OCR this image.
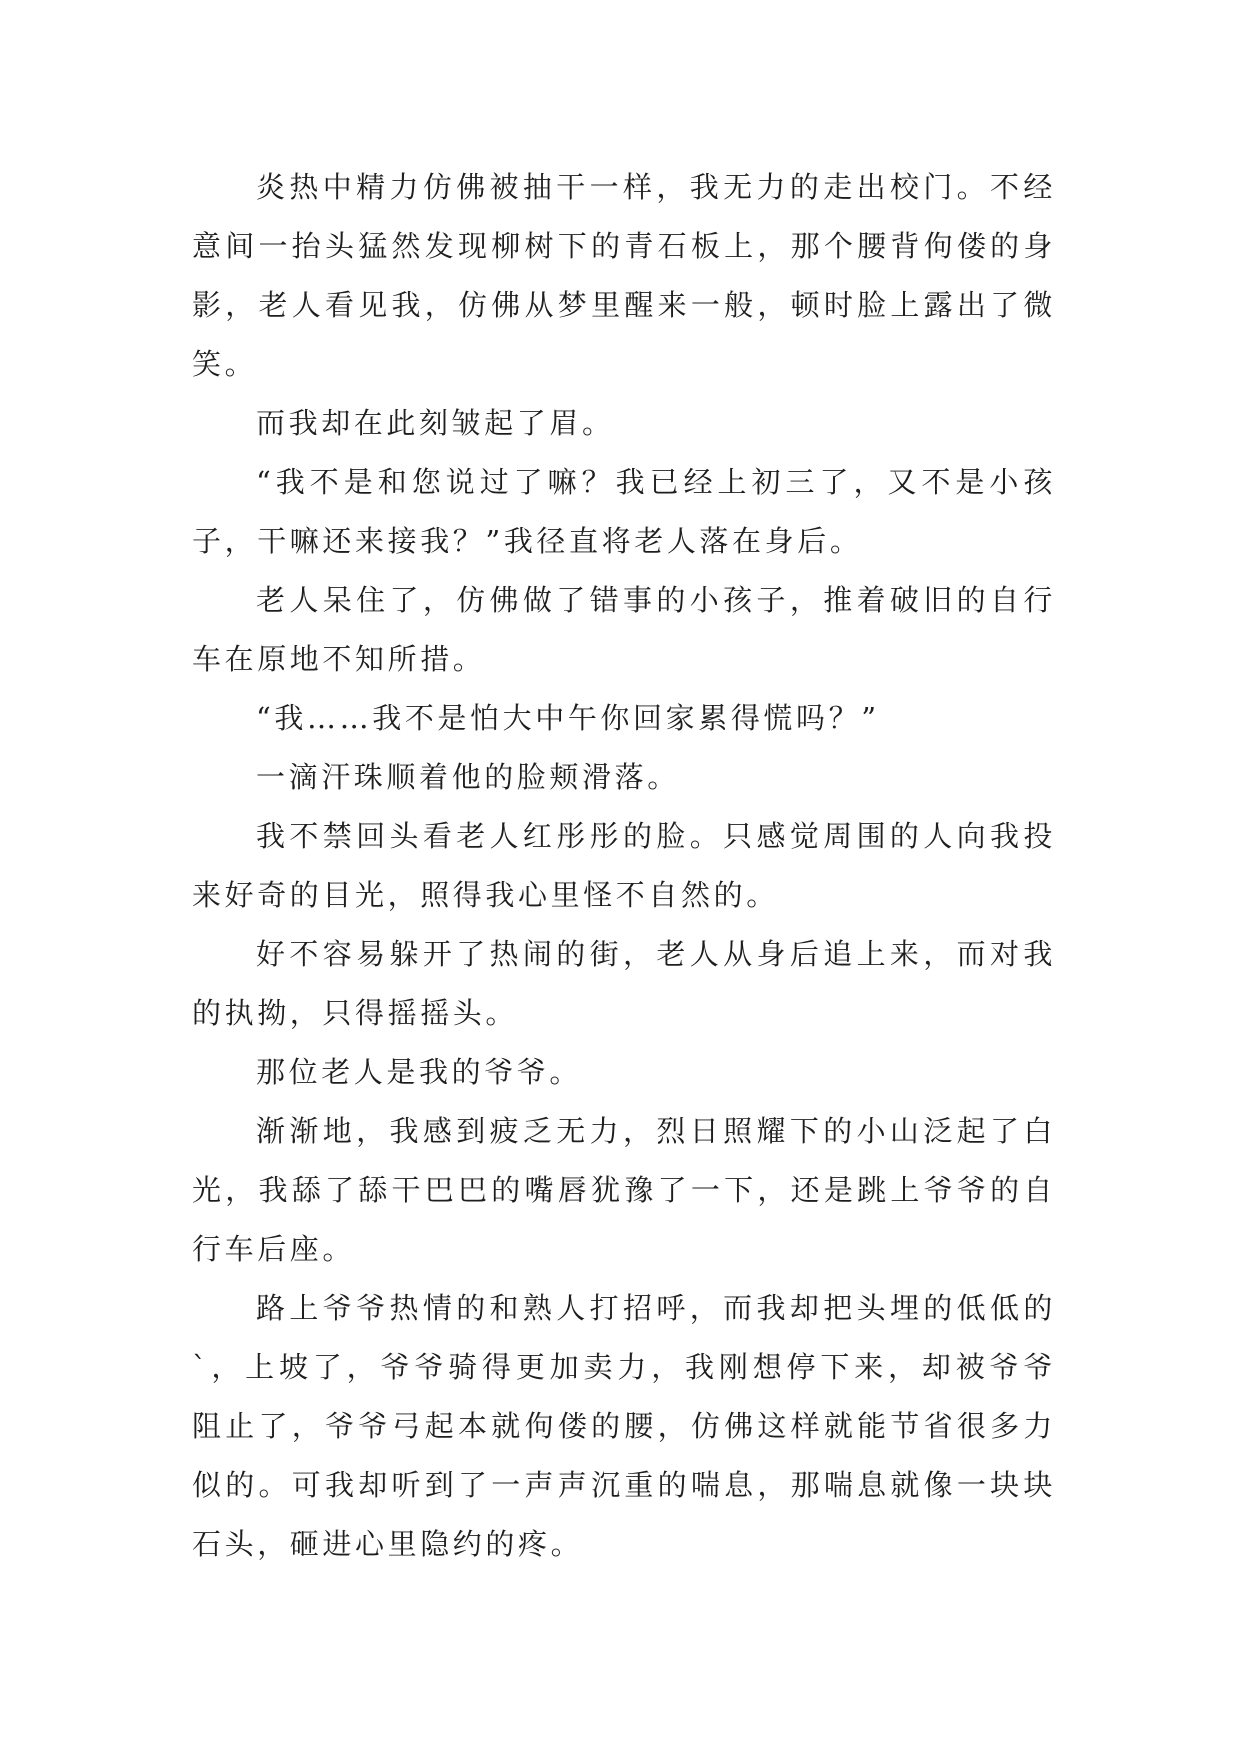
炎热中精力仿佛被抽干一样，我无力的走出校门。不经意间一抬头猛然发现柳树下的青石板上，那个腰背佝偻的身影，老人看见我，仿佛从梦里醒来一般，顿时脸上露出了微笑。

而我却在此刻皱起了眉。

“我不是和您说过了嘛？我已经上初三了，又不是小孩子，干嘛还来接我？”我径直将老人落在身后。

老人呆住了，仿佛做了错事的小孩子，推着破旧的自行车在原地不知所措。

“我……我不是怕大中午你回家累得慌吗？”

一滴汗珠顺着他的脸颊滑落。

我不禁回头看老人红彤彤的脸。只感觉周围的人向我投来好奇的目光，照得我心里怪不自然的。

好不容易躲开了热闹的街，老人从身后追上来，而对我的执拗，只得摇摇头。

那位老人是我的爷爷。

渐渐地，我感到疲乏无力，烈日照耀下的小山泛起了白光，我舔了舔干巴巴的嘴唇犹豫了一下，还是跳上爷爷的自行车后座。

路上爷爷热情的和熟人打招呼，而我却把头埋的低低的`，上坡了，爷爷骑得更加卖力，我刚想停下来，却被爷爷阻止了，爷爷弓起本就佝偻的腰，仿佛这样就能节省很多力似的。可我却听到了一声声沉重的喘息，那喘息就像一块块石头，砸进心里隐约的疼。
